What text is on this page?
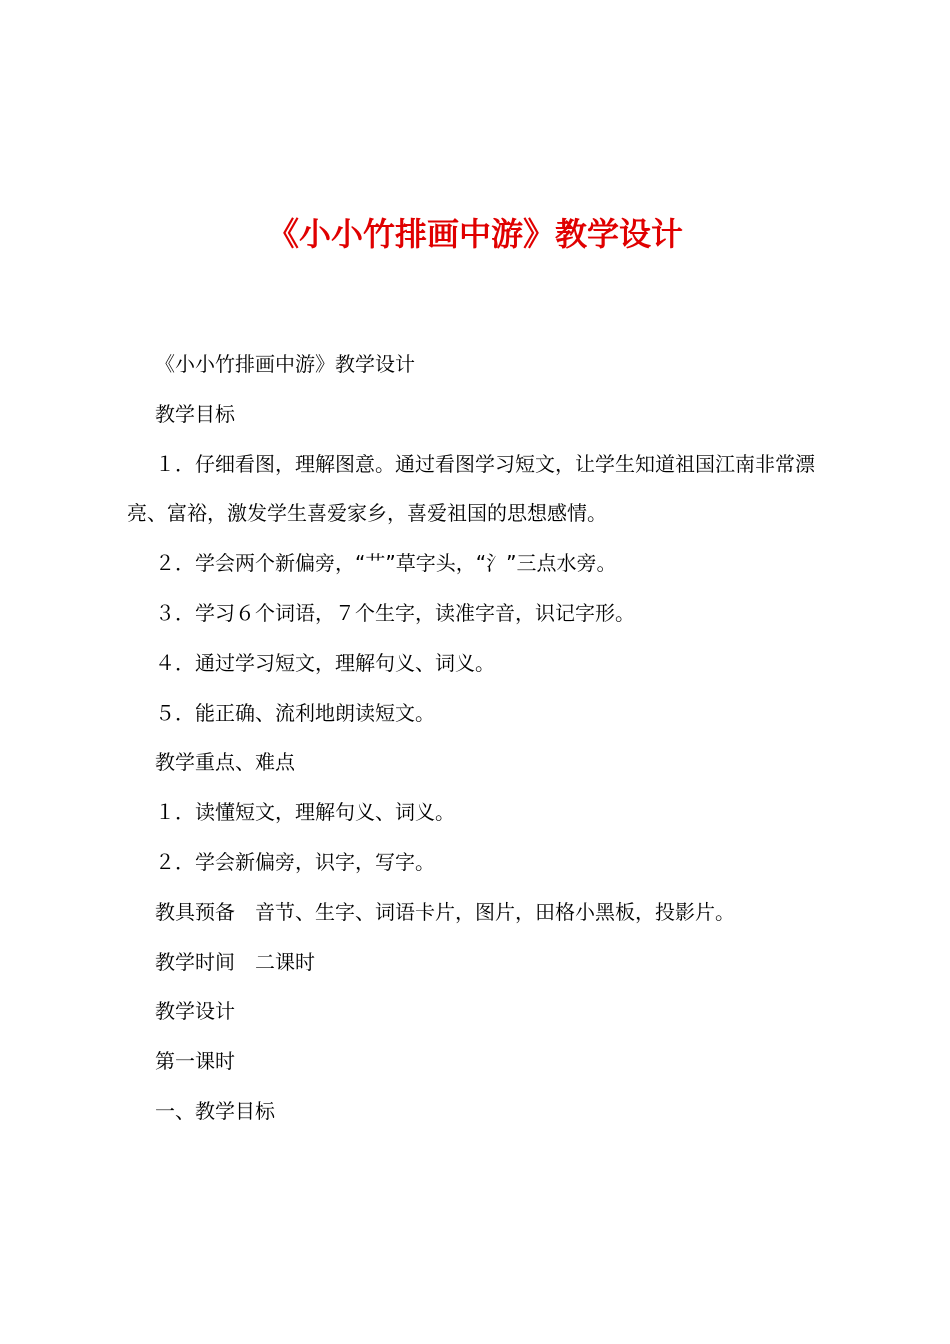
《小小竹排画中游》教学设计

《小小竹排画中游》教学设计

教学目标

１．仔细看图，理解图意。通过看图学习短文，让学生知道祖国江南非常漂亮、富裕，激发学生喜爱家乡，喜爱祖国的思想感情。

２．学会两个新偏旁，“艹”草字头，“氵”三点水旁。

３．学习６个词语，７个生字，读准字音，识记字形。

４．通过学习短文，理解句义、词义。

５．能正确、流利地朗读短文。

教学重点、难点

１．读懂短文，理解句义、词义。

２．学会新偏旁，识字，写字。

教具预备　音节、生字、词语卡片，图片，田格小黑板，投影片。

教学时间　二课时

教学设计

第一课时

一、教学目标
